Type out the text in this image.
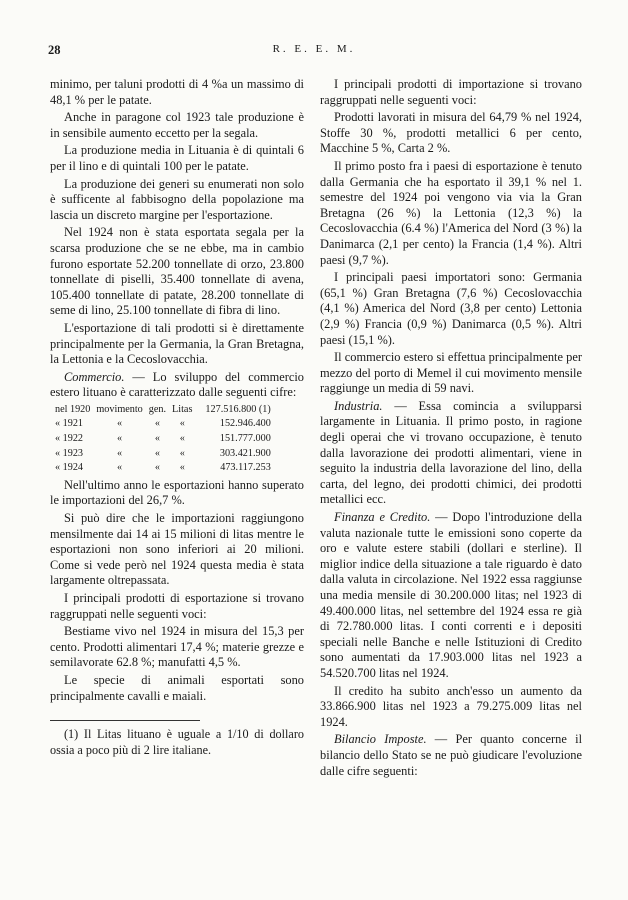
28	R. E. E. M.

minimo, per taluni prodotti di 4 %a un massimo di 48,1 % per le patate.

Anche in paragone col 1923 tale produzione è in sensibile aumento eccetto per la segala.

La produzione media in Lituania è di quintali 6 per il lino e di quintali 100 per le patate.

La produzione dei generi su enumerati non solo è sufficente al fabbisogno della popolazione ma lascia un discreto margine per l'esportazione.

Nel 1924 non è stata esportata segala per la scarsa produzione che se ne ebbe, ma in cambio furono esportate 52.200 tonnellate di orzo, 23.800 tonnellate di piselli, 35.400 tonnellate di avena, 105.400 tonnellate di patate, 28.200 tonnellate di seme di lino, 25.100 tonnellate di fibra di lino.

L'esportazione di tali prodotti si è direttamente principalmente per la Germania, la Gran Bretagna, la Lettonia e la Cecoslovacchia.

Commercio. — Lo sviluppo del commercio estero lituano è caratterizzato dalle seguenti cifre:

nel 1920	movimento	gen.	Litas	127.516.800 (1)
« 1921	«	«	«	152.946.400
« 1922	«	«	«	151.777.000
« 1923	«	«	«	303.421.900
« 1924	«	«	«	473.117.253

Nell'ultimo anno le esportazioni hanno superato le importazioni del 26,7 %.

Si può dire che le importazioni raggiungono mensilmente dai 14 ai 15 milioni di litas mentre le esportazioni non sono inferiori ai 20 milioni. Come si vede però nel 1924 questa media è stata largamente oltrepassata.

I principali prodotti di esportazione si trovano raggruppati nelle seguenti voci:

Bestiame vivo nel 1924 in misura del 15,3 per cento. Prodotti alimentari 17,4 %; materie grezze e semilavorate 62.8 %; manufatti 4,5 %.

Le specie di animali esportati sono principalmente cavalli e maiali.

(1) Il Litas lituano è uguale a 1/10 di dollaro ossia a poco più di 2 lire italiane.

I principali prodotti di importazione si trovano raggruppati nelle seguenti voci:

Prodotti lavorati in misura del 64,79 % nel 1924, Stoffe 30 %, prodotti metallici 6 per cento, Macchine 5 %, Carta 2 %.

Il primo posto fra i paesi di esportazione è tenuto dalla Germania che ha esportato il 39,1 % nel 1. semestre del 1924 poi vengono via via la Gran Bretagna (26 %) la Lettonia (12,3 %) la Cecoslovacchia (6.4 %) l'America del Nord (3 %) la Danimarca (2,1 per cento) la Francia (1,4 %). Altri paesi (9,7 %).

I principali paesi importatori sono: Germania (65,1 %) Gran Bretagna (7,6 %) Cecoslovacchia (4,1 %) America del Nord (3,8 per cento) Lettonia (2,9 %) Francia (0,9 %) Danimarca (0,5 %). Altri paesi (15,1 %).

Il commercio estero si effettua principalmente per mezzo del porto di Memel il cui movimento mensile raggiunge un media di 59 navi.

Industria. — Essa comincia a svilupparsi largamente in Lituania. Il primo posto, in ragione degli operai che vi trovano occupazione, è tenuto dalla lavorazione dei prodotti alimentari, viene in seguito la industria della lavorazione del lino, della carta, del legno, dei prodotti chimici, dei prodotti metallici ecc.

Finanza e Credito. — Dopo l'introduzione della valuta nazionale tutte le emissioni sono coperte da oro e valute estere stabili (dollari e sterline). Il miglior indice della situazione a tale riguardo è dato dalla valuta in circolazione. Nel 1922 essa raggiunse una media mensile di 30.200.000 litas; nel 1923 di 49.400.000 litas, nel settembre del 1924 essa re già di 72.780.000 litas. I conti correnti e i depositi speciali nelle Banche e nelle Istituzioni di Credito sono aumentati da 17.903.000 litas nel 1923 a 54.520.700 litas nel 1924.

Il credito ha subito anch'esso un aumento da 33.866.900 litas nel 1923 a 79.275.009 litas nel 1924.

Bilancio Imposte. — Per quanto concerne il bilancio dello Stato se ne può giudicare l'evoluzione dalle cifre seguenti:
